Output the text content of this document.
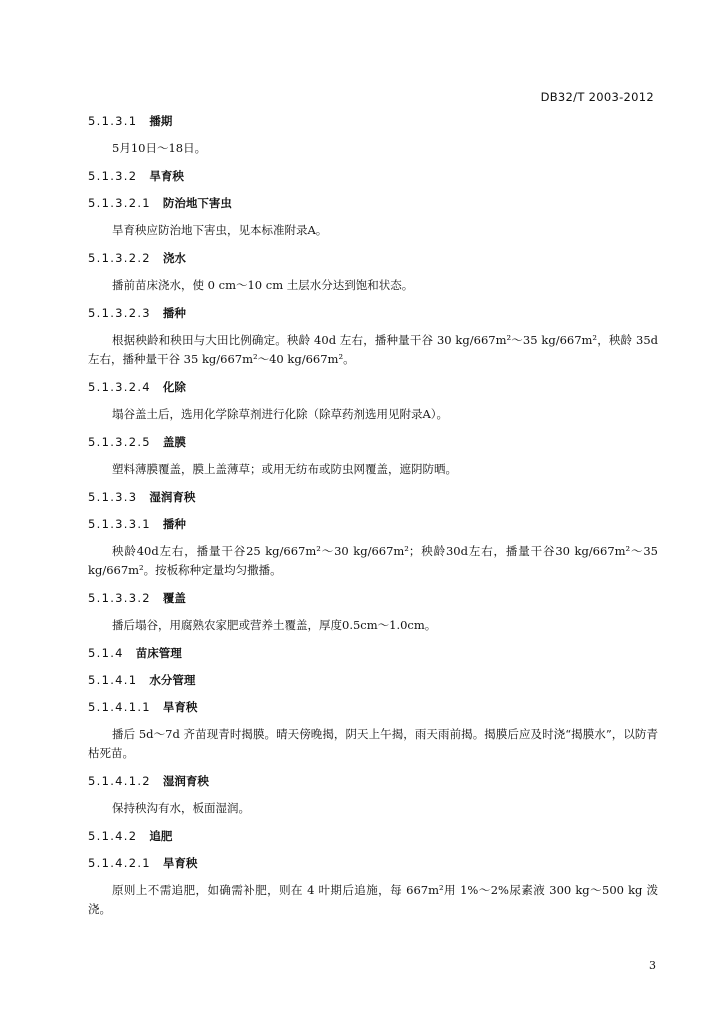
DB32/T 2003-2012
5.1.3.1 播期
5月10日～18日。
5.1.3.2 旱育秧
5.1.3.2.1 防治地下害虫
旱育秧应防治地下害虫，见本标准附录A。
5.1.3.2.2 浇水
播前苗床浇水，使 0 cm～10 cm 土层水分达到饱和状态。
5.1.3.2.3 播种
根据秧龄和秧田与大田比例确定。秧龄 40d 左右，播种量干谷 30 kg/667m²～35 kg/667m²，秧龄 35d 左右，播种量干谷 35 kg/667m²～40 kg/667m²。
5.1.3.2.4 化除
塌谷盖土后，选用化学除草剂进行化除（除草药剂选用见附录A）。
5.1.3.2.5 盖膜
塑料薄膜覆盖，膜上盖薄草；或用无纺布或防虫网覆盖，遮阴防晒。
5.1.3.3 湿润育秧
5.1.3.3.1 播种
秧龄40d左右，播量干谷25 kg/667m²～30 kg/667m²；秧龄30d左右，播量干谷30 kg/667m²～35 kg/667m²。按板称种定量均匀撒播。
5.1.3.3.2 覆盖
播后塌谷，用腐熟农家肥或营养土覆盖，厚度0.5cm～1.0cm。
5.1.4 苗床管理
5.1.4.1 水分管理
5.1.4.1.1 旱育秧
播后 5d～7d 齐苗现青时揭膜。晴天傍晚揭，阴天上午揭，雨天雨前揭。揭膜后应及时浇“揭膜水”，以防青枯死苗。
5.1.4.1.2 湿润育秧
保持秧沟有水，板面湿润。
5.1.4.2 追肥
5.1.4.2.1 旱育秧
原则上不需追肥，如确需补肥，则在 4 叶期后追施，每 667m²用 1%～2%尿素液 300 kg～500 kg 泼浇。
3
